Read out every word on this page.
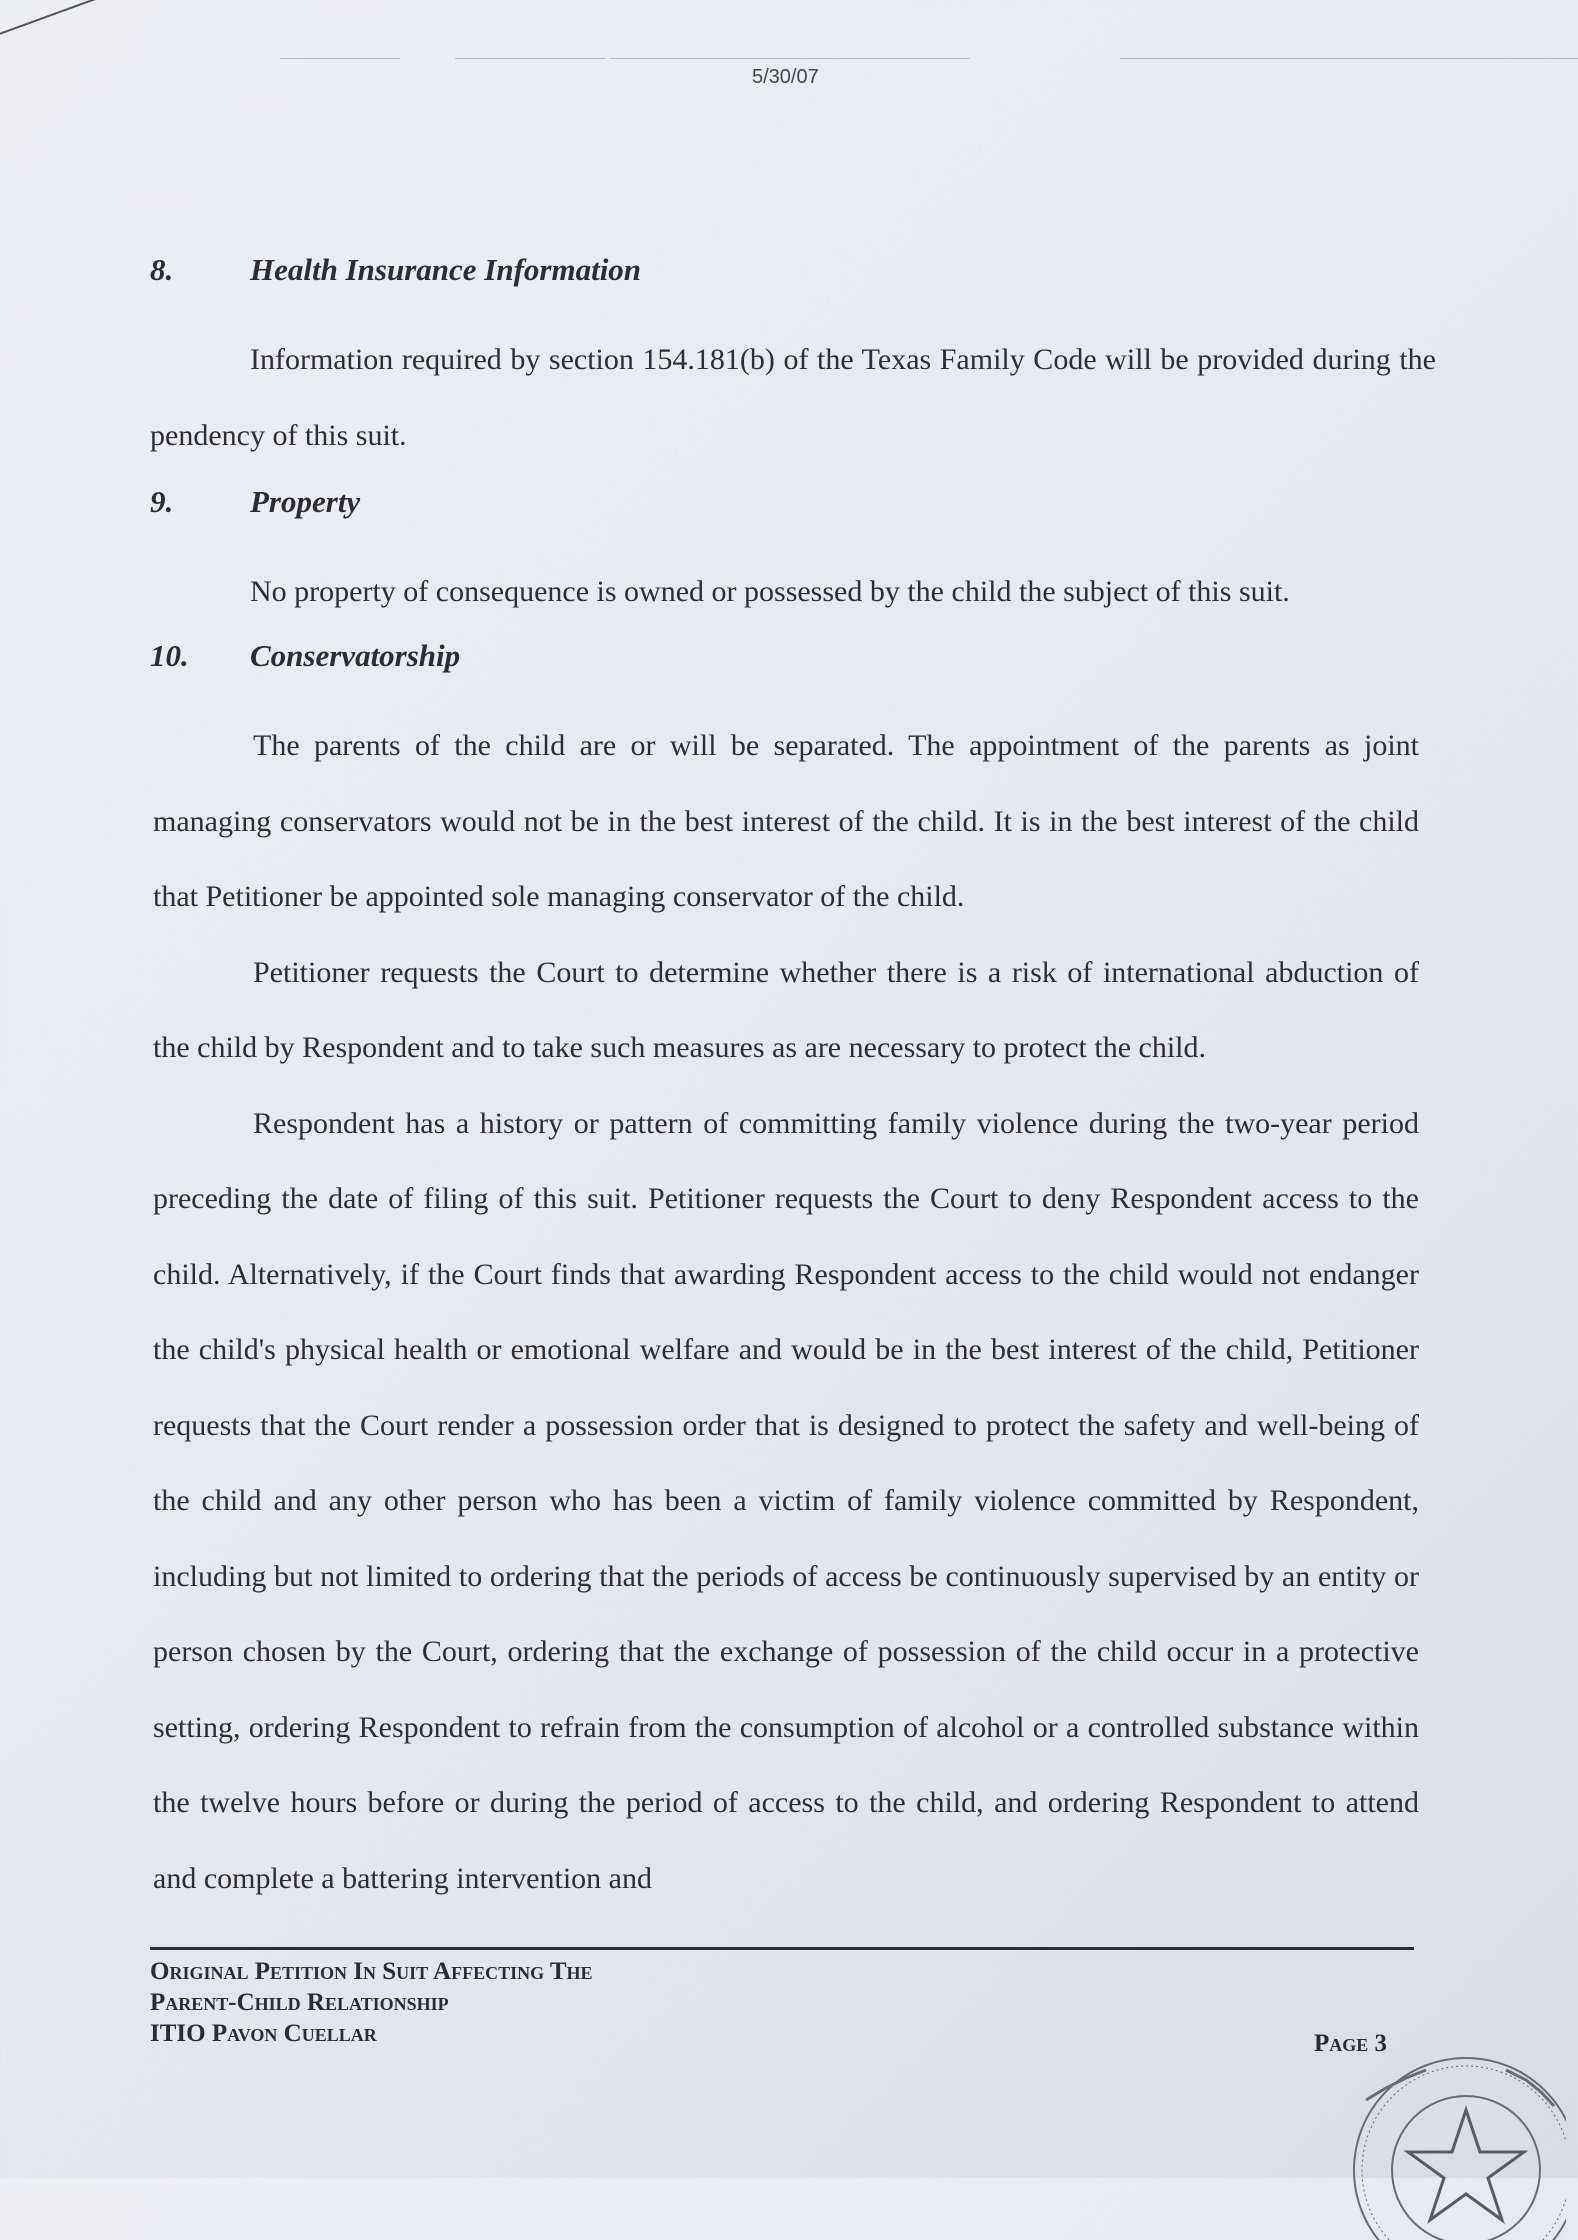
5/30/07
8. Health Insurance Information

Information required by section 154.181(b) of the Texas Family Code will be provided during the pendency of this suit.

9. Property

No property of consequence is owned or possessed by the child the subject of this suit.

10. Conservatorship

The parents of the child are or will be separated. The appointment of the parents as joint managing conservators would not be in the best interest of the child. It is in the best interest of the child that Petitioner be appointed sole managing conservator of the child.

Petitioner requests the Court to determine whether there is a risk of international abduction of the child by Respondent and to take such measures as are necessary to protect the child.

Respondent has a history or pattern of committing family violence during the two-year period preceding the date of filing of this suit. Petitioner requests the Court to deny Respondent access to the child. Alternatively, if the Court finds that awarding Respondent access to the child would not endanger the child's physical health or emotional welfare and would be in the best interest of the child, Petitioner requests that the Court render a possession order that is designed to protect the safety and well-being of the child and any other person who has been a victim of family violence committed by Respondent, including but not limited to ordering that the periods of access be continuously supervised by an entity or person chosen by the Court, ordering that the exchange of possession of the child occur in a protective setting, ordering Respondent to refrain from the consumption of alcohol or a controlled substance within the twelve hours before or during the period of access to the child, and ordering Respondent to attend and complete a battering intervention and

Original Petition In Suit Affecting The
Parent-Child Relationship
ITIO Pavon Cuellar	Page 3
